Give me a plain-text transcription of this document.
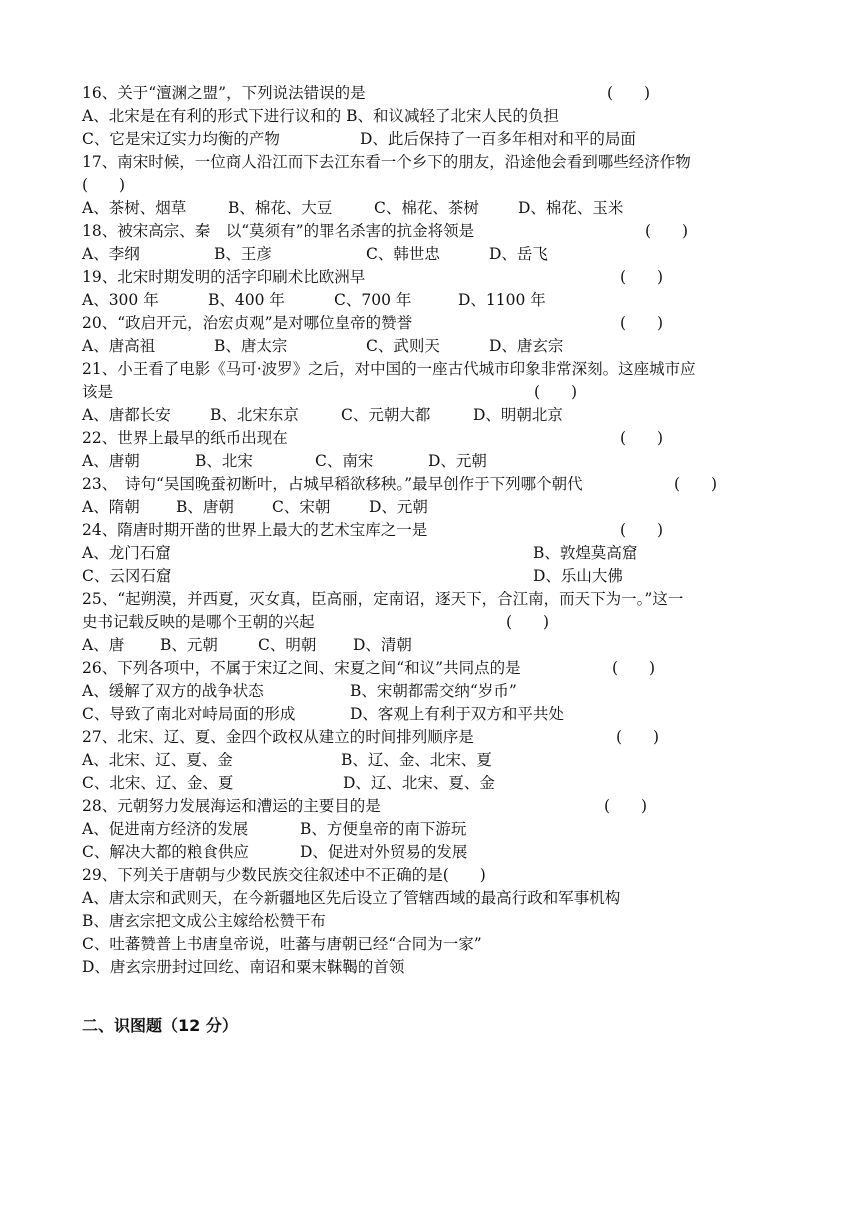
16、关于“澶渊之盟”，下列说法错误的是	(　　)
A、北宋是在有利的形式下进行议和的 B、和议减轻了北宋人民的负担
C、它是宋辽实力均衡的产物	D、此后保持了一百多年相对和平的局面
17、南宋时候，一位商人沿江而下去江东看一个乡下的朋友，沿途他会看到哪些经济作物
(　　)
A、茶树、烟草	B、棉花、大豆	C、棉花、茶树	D、棉花、玉米
18、被宋高宗、秦　以“莫须有”的罪名杀害的抗金将领是	(　　)
A、李纲	B、王彦	C、韩世忠	D、岳飞
19、北宋时期发明的活字印刷术比欧洲早	(　　)
A、300 年	B、400 年	C、700 年	D、1100 年
20、“政启开元，治宏贞观”是对哪位皇帝的赞誉	(　　)
A、唐高祖	B、唐太宗	C、武则天	D、唐玄宗
21、小王看了电影《马可·波罗》之后，对中国的一座古代城市印象非常深刻。这座城市应
该是	(　　)
A、唐都长安	B、北宋东京	C、元朝大都	D、明朝北京
22、世界上最早的纸币出现在	(　　)
A、唐朝	B、北宋	C、南宋	D、元朝
23、　诗句“吴国晚蚕初断叶，占城早稻欲移秧。”最早创作于下列哪个朝代	(　　)
A、隋朝 B、唐朝 C、宋朝 D、元朝
24、隋唐时期开凿的世界上最大的艺术宝库之一是	(　　)
A、龙门石窟	B、敦煌莫高窟
C、云冈石窟	D、乐山大佛
25、“起朔漠，并西夏，灭女真，臣高丽，定南诏，逐天下，合江南，而天下为一。”这一
史书记载反映的是哪个王朝的兴起	(　　)
A、唐 B、元朝	C、明朝 D、清朝
26、下列各项中，不属于宋辽之间、宋夏之间“和议”共同点的是	(　　)
A、缓解了双方的战争状态	B、宋朝都需交纳“岁币”
C、导致了南北对峙局面的形成	D、客观上有利于双方和平共处
27、北宋、辽、夏、金四个政权从建立的时间排列顺序是	(　　)
A、北宋、辽、夏、金	B、辽、金、北宋、夏
C、北宋、辽、金、夏	D、辽、北宋、夏、金
28、元朝努力发展海运和漕运的主要目的是	(　　)
A、促进南方经济的发展	B、方便皇帝的南下游玩
C、解决大都的粮食供应	D、促进对外贸易的发展
29、下列关于唐朝与少数民族交往叙述中不正确的是(　　)
A、唐太宗和武则天，在今新疆地区先后设立了管辖西域的最高行政和军事机构
B、唐玄宗把文成公主嫁给松赞干布
C、吐蕃赞普上书唐皇帝说，吐蕃与唐朝已经“合同为一家”
D、唐玄宗册封过回纥、南诏和粟末靺鞨的首领
二、识图题（12 分）
